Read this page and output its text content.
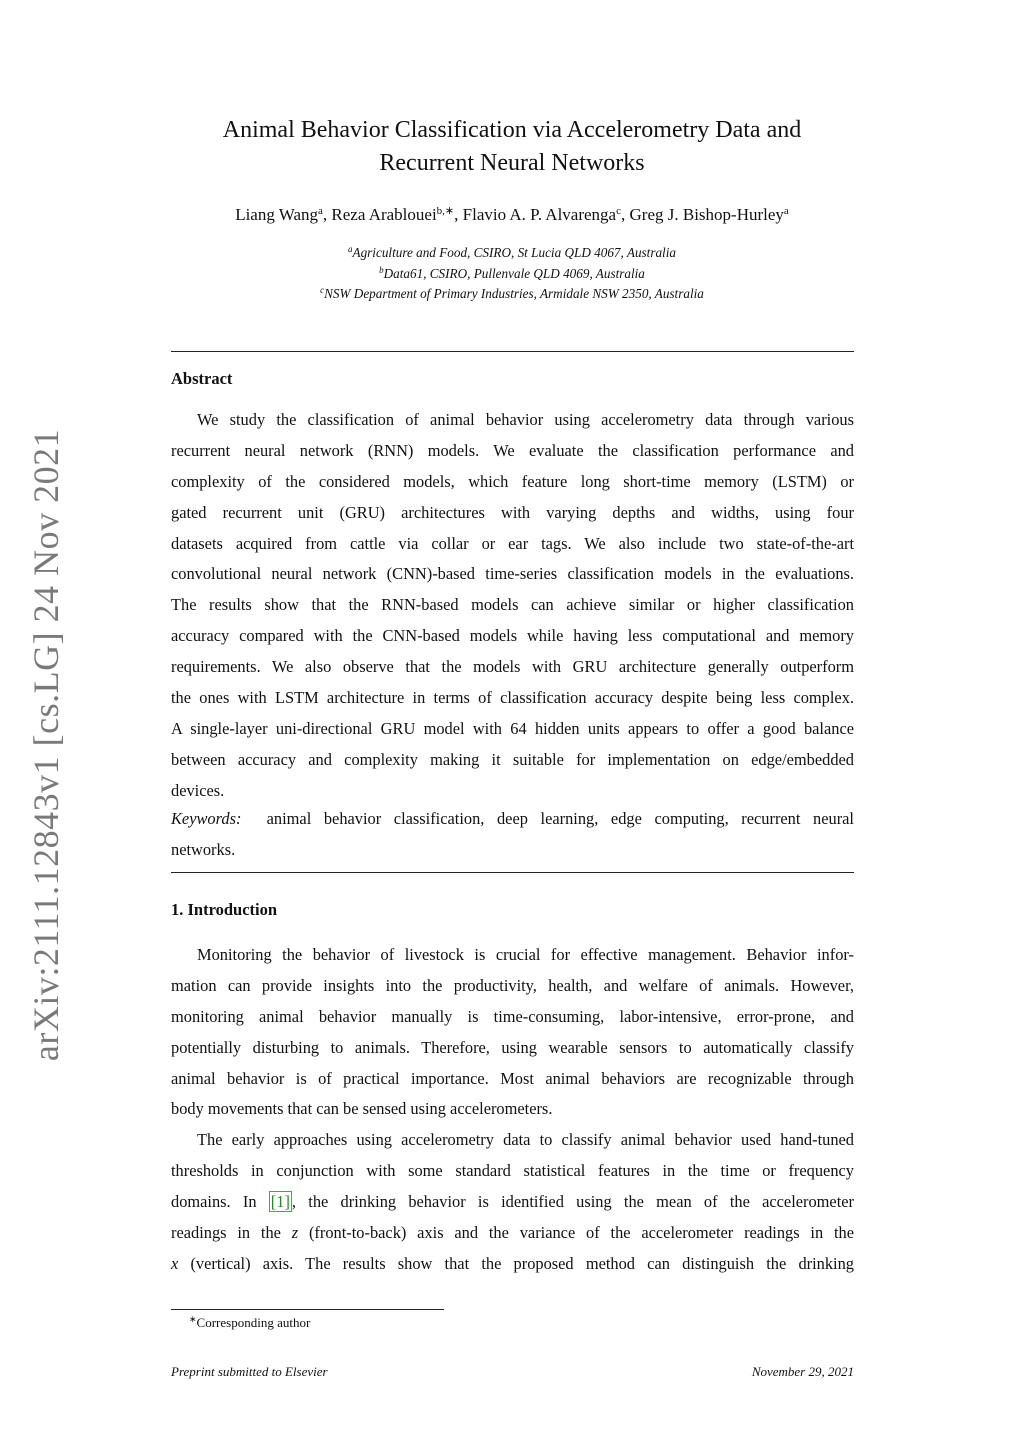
arXiv:2111.12843v1 [cs.LG] 24 Nov 2021
Animal Behavior Classification via Accelerometry Data and
Recurrent Neural Networks
Liang Wang$^a$, Reza Arablouei$^{b,∗}$, Flavio A. P. Alvarenga$^c$, Greg J. Bishop-Hurley$^a$
$^a$Agriculture and Food, CSIRO, St Lucia QLD 4067, Australia
$^b$Data61, CSIRO, Pullenvale QLD 4069, Australia
$^c$NSW Department of Primary Industries, Armidale NSW 2350, Australia
Abstract
We study the classification of animal behavior using accelerometry data through various
recurrent neural network (RNN) models. We evaluate the classification performance and
complexity of the considered models, which feature long short-time memory (LSTM) or
gated recurrent unit (GRU) architectures with varying depths and widths, using four
datasets acquired from cattle via collar or ear tags. We also include two state-of-the-art
convolutional neural network (CNN)-based time-series classification models in the evaluations.
The results show that the RNN-based models can achieve similar or higher classification
accuracy compared with the CNN-based models while having less computational and memory
requirements. We also observe that the models with GRU architecture generally outperform
the ones with LSTM architecture in terms of classification accuracy despite being less complex.
A single-layer uni-directional GRU model with 64 hidden units appears to offer a good balance
between accuracy and complexity making it suitable for implementation on edge/embedded
devices.
Keywords: animal behavior classification, deep learning, edge computing, recurrent neural
networks.
1. Introduction
Monitoring the behavior of livestock is crucial for effective management. Behavior infor-
mation can provide insights into the productivity, health, and welfare of animals. However,
monitoring animal behavior manually is time-consuming, labor-intensive, error-prone, and
potentially disturbing to animals. Therefore, using wearable sensors to automatically classify
animal behavior is of practical importance. Most animal behaviors are recognizable through
body movements that can be sensed using accelerometers.
The early approaches using accelerometry data to classify animal behavior used hand-tuned
thresholds in conjunction with some standard statistical features in the time or frequency
domains. In [1] , the drinking behavior is identified using the mean of the accelerometer
readings in the z (front-to-back) axis and the variance of the accelerometer readings in the
x (vertical) axis. The results show that the proposed method can distinguish the drinking
∗Corresponding author
Preprint submitted to Elsevier	November 29, 2021
